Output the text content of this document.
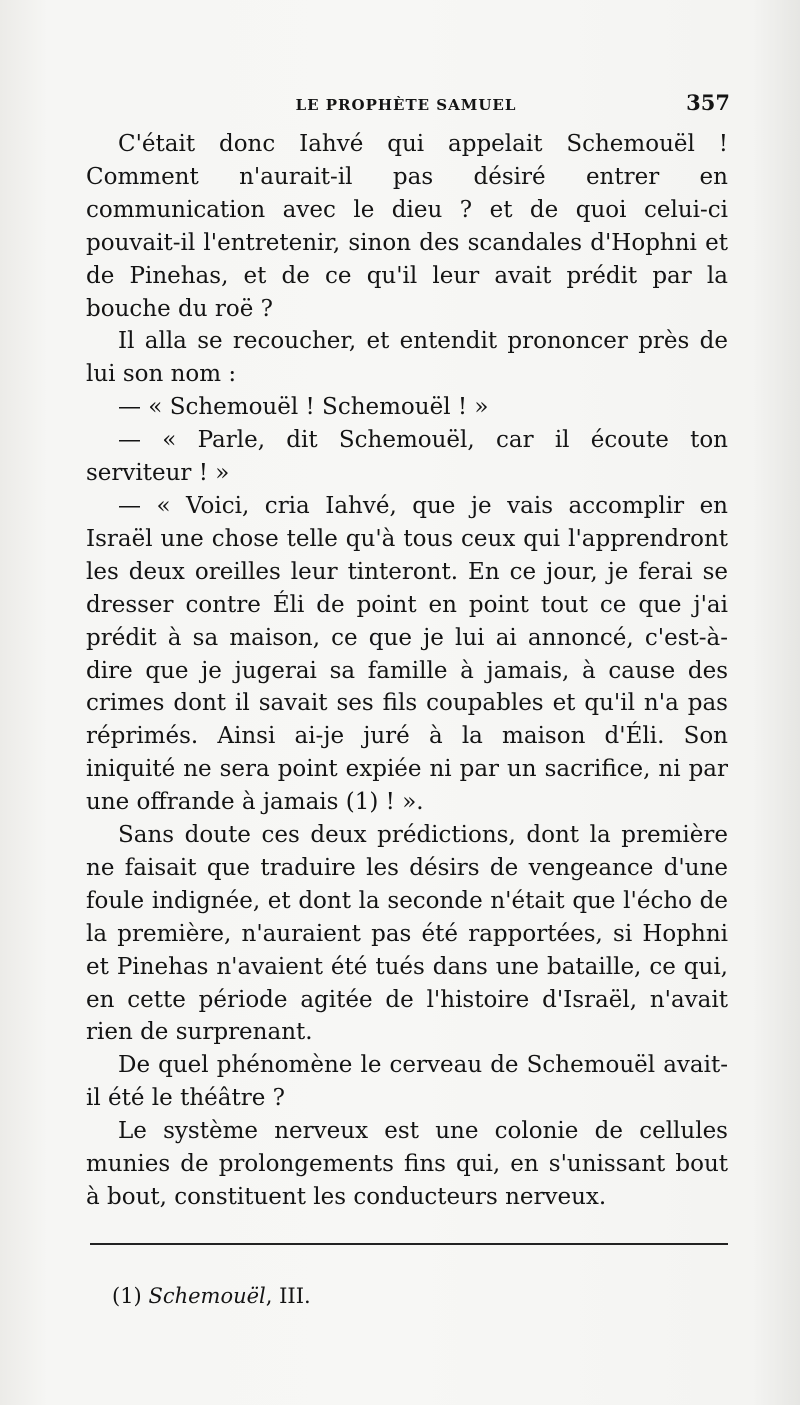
LE PROPHÈTE SAMUEL	357

C'était donc Iahvé qui appelait Schemouël ! Comment n'aurait-il pas désiré entrer en communication avec le dieu ? et de quoi celui-ci pouvait-il l'entretenir, sinon des scandales d'Hophni et de Pinehas, et de ce qu'il leur avait prédit par la bouche du roë ?

Il alla se recoucher, et entendit prononcer près de lui son nom :

— « Schemouël ! Schemouël ! »

— « Parle, dit Schemouël, car il écoute ton serviteur ! »

— « Voici, cria Iahvé, que je vais accomplir en Israël une chose telle qu'à tous ceux qui l'apprendront les deux oreilles leur tinteront. En ce jour, je ferai se dresser contre Éli de point en point tout ce que j'ai prédit à sa maison, ce que je lui ai annoncé, c'est-à-dire que je jugerai sa famille à jamais, à cause des crimes dont il savait ses fils coupables et qu'il n'a pas réprimés. Ainsi ai-je juré à la maison d'Éli. Son iniquité ne sera point expiée ni par un sacrifice, ni par une offrande à jamais (1) ! ».

Sans doute ces deux prédictions, dont la première ne faisait que traduire les désirs de vengeance d'une foule indignée, et dont la seconde n'était que l'écho de la première, n'auraient pas été rapportées, si Hophni et Pinehas n'avaient été tués dans une bataille, ce qui, en cette période agitée de l'histoire d'Israël, n'avait rien de surprenant.

De quel phénomène le cerveau de Schemouël avait-il été le théâtre ?

Le système nerveux est une colonie de cellules munies de prolongements fins qui, en s'unissant bout à bout, constituent les conducteurs nerveux.

(1) Schemouël, III.
